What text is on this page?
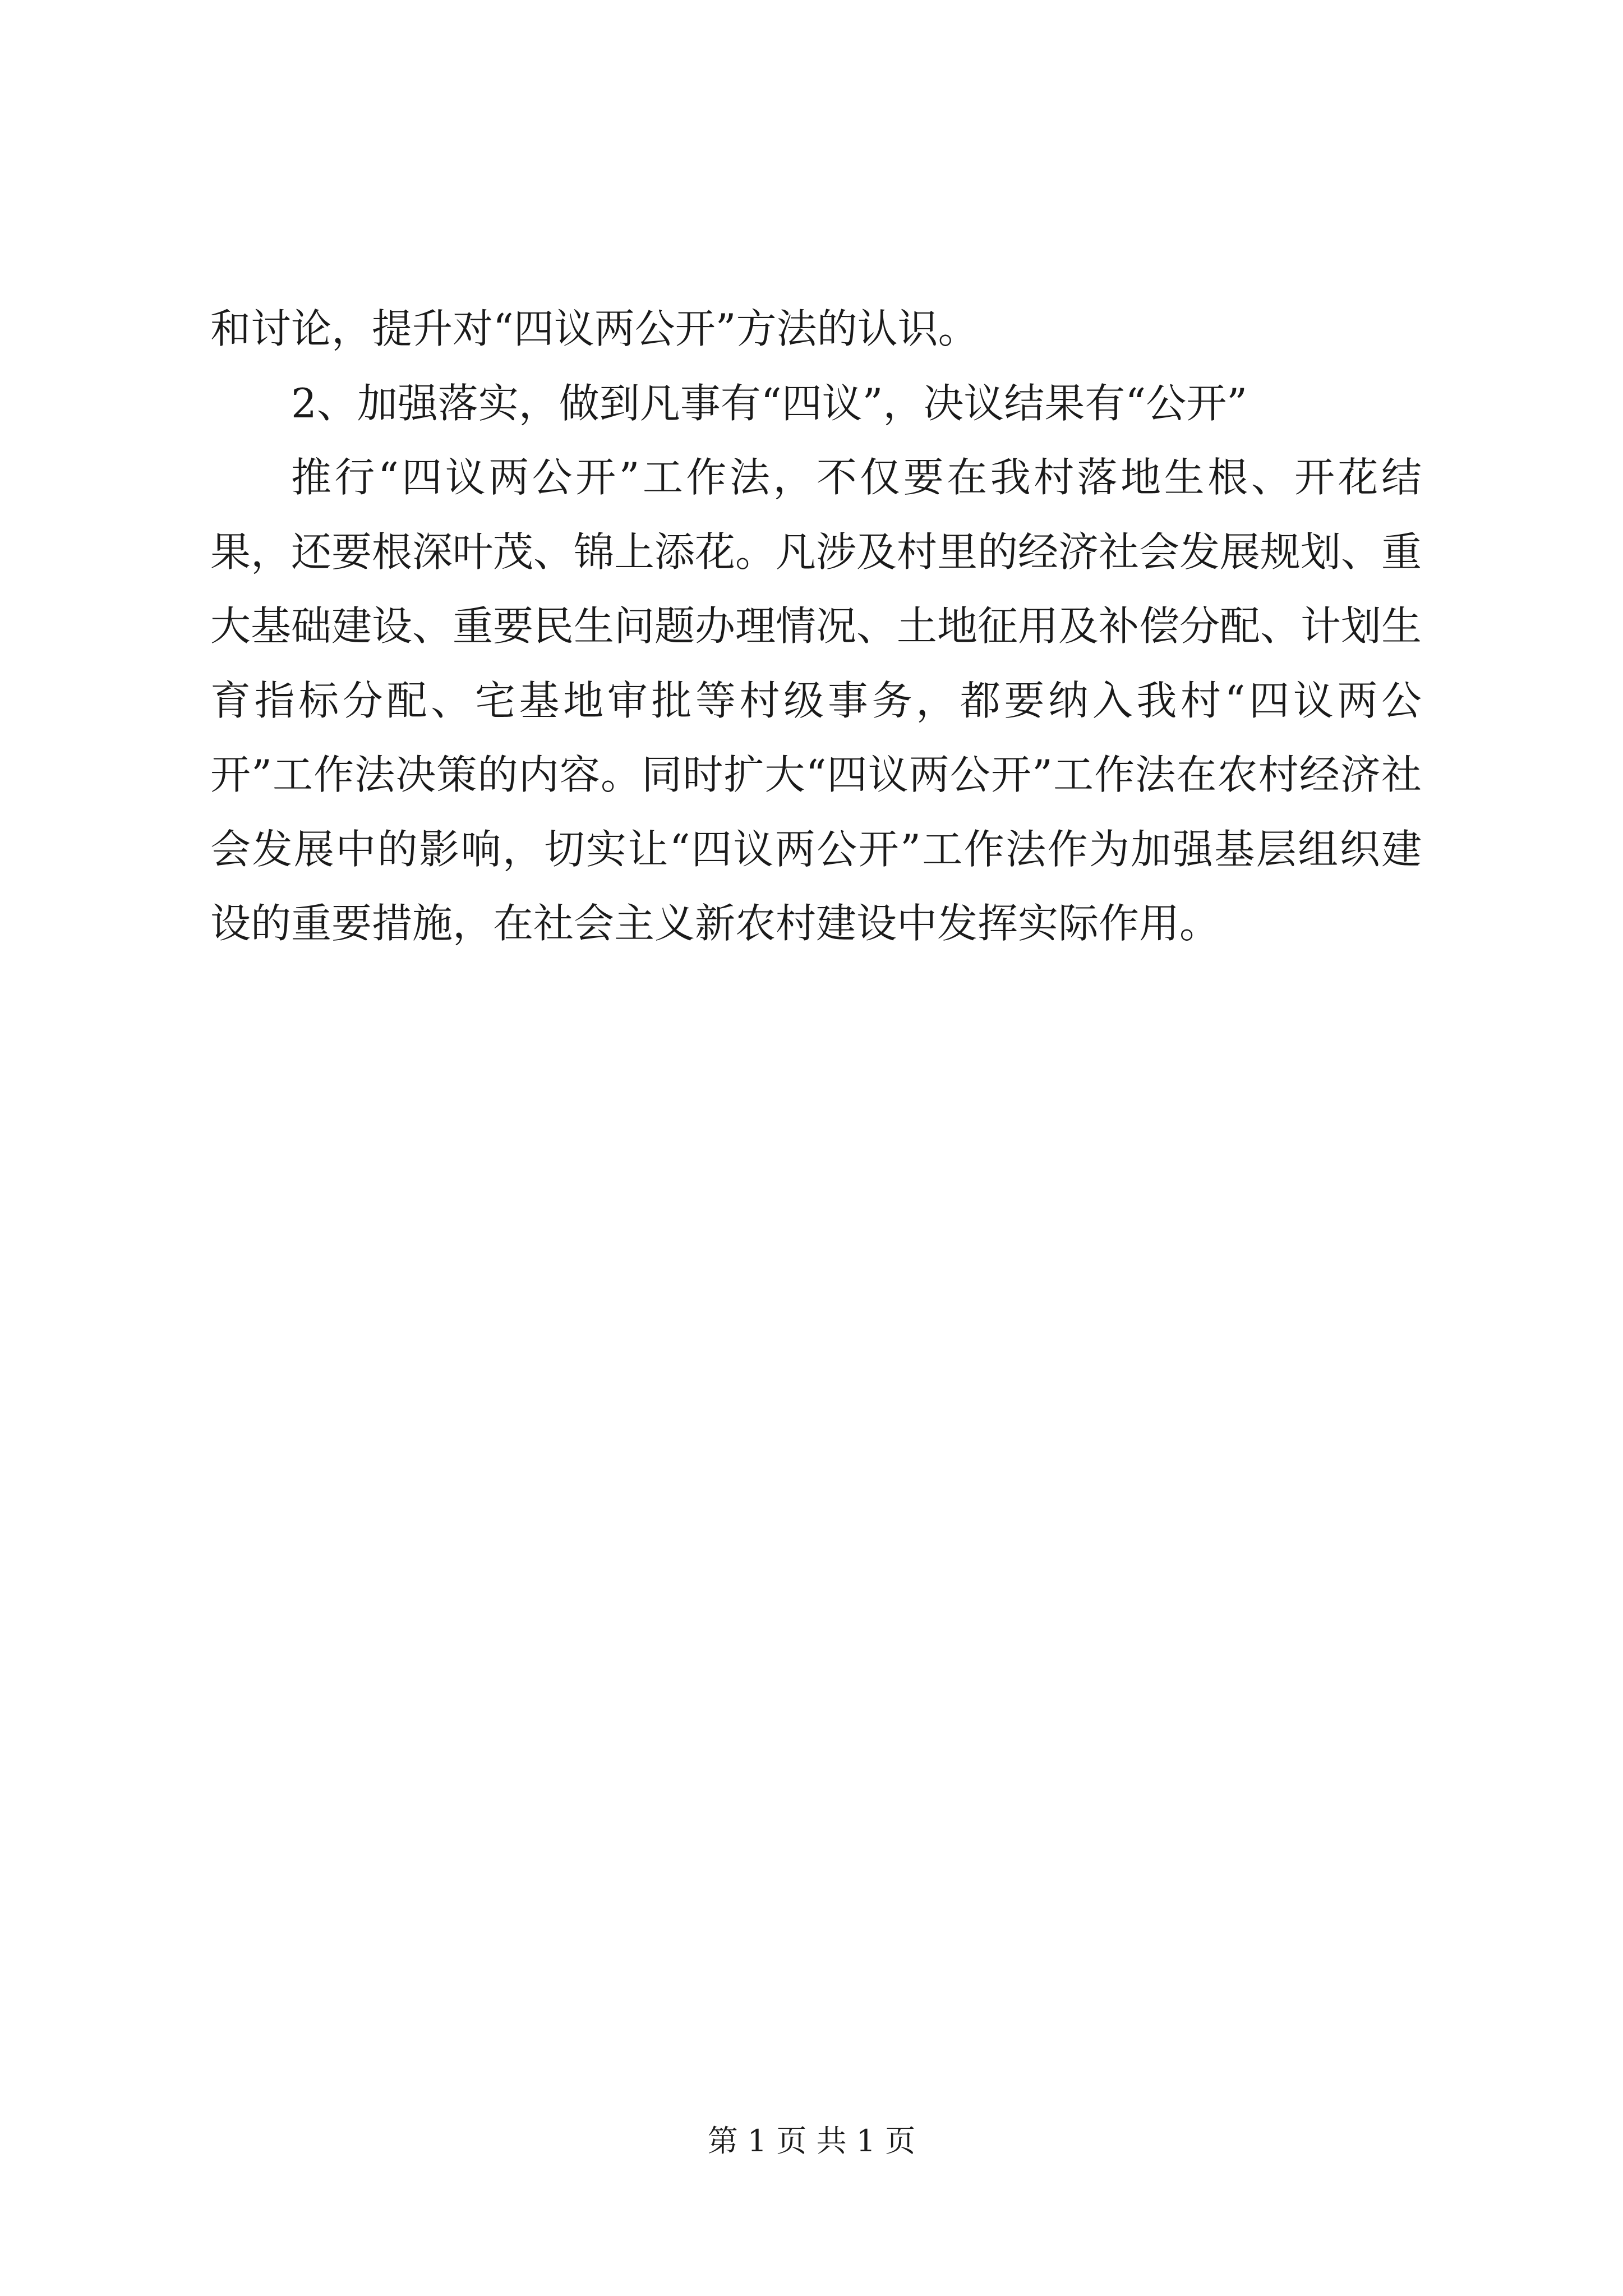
和讨论，提升对“四议两公开”方法的认识。

2、加强落实，做到凡事有“四议”，决议结果有“公开”

推行“四议两公开”工作法，不仅要在我村落地生根、开花结果，还要根深叶茂、锦上添花。凡涉及村里的经济社会发展规划、重大基础建设、重要民生问题办理情况、土地征用及补偿分配、计划生育指标分配、宅基地审批等村级事务，都要纳入我村“四议两公开”工作法决策的内容。同时扩大“四议两公开”工作法在农村经济社会发展中的影响，切实让“四议两公开”工作法作为加强基层组织建设的重要措施，在社会主义新农村建设中发挥实际作用。

第 1 页 共 1 页
